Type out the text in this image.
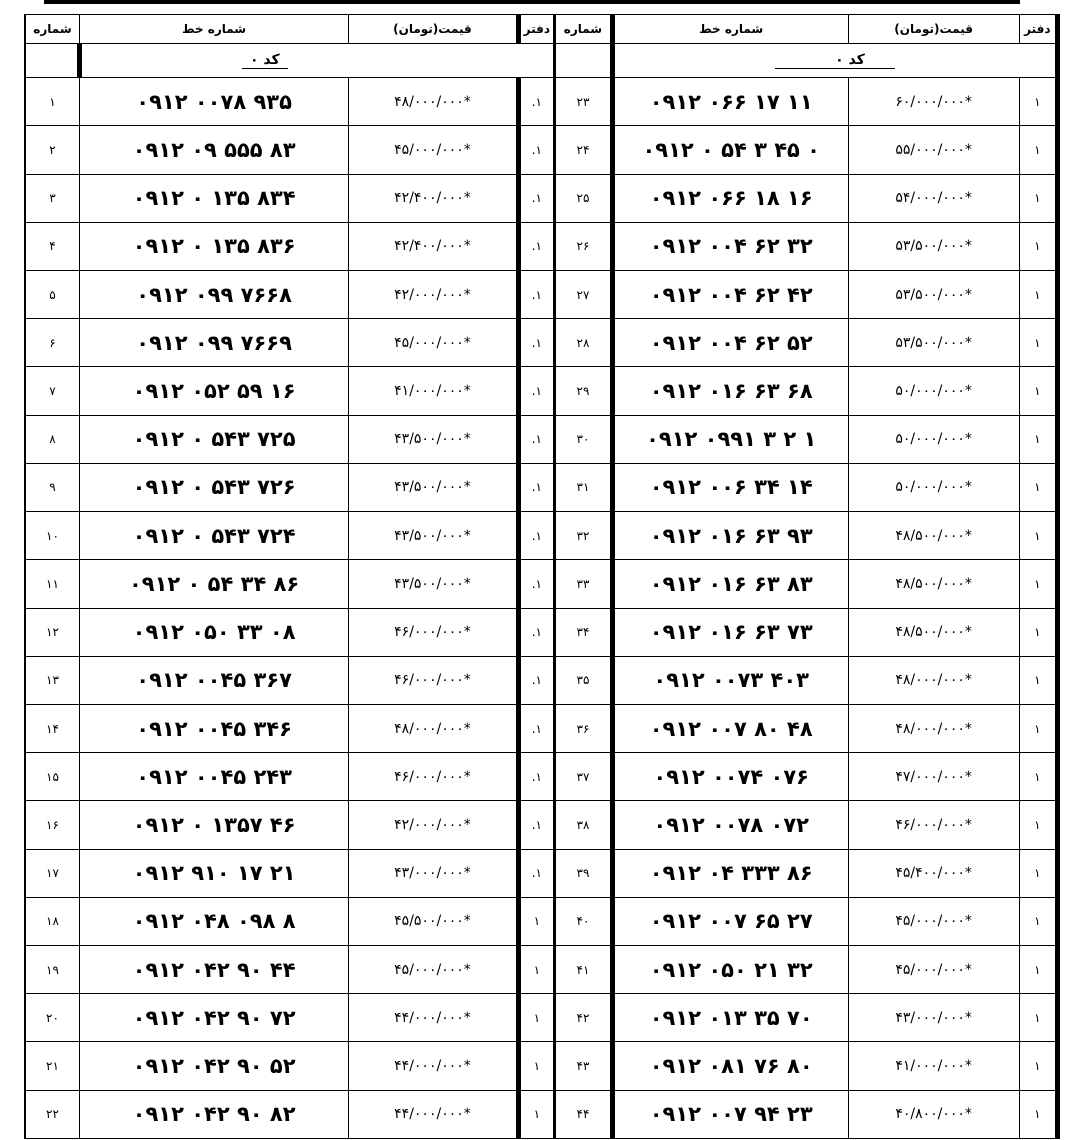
شماره	شماره خط	قیمت(تومان)	دفتر
	کد ۰		
۲۳	۰۹۱۲ ۰۶۶ ۱۷ ۱۱	۶۰/۰۰۰/۰۰۰*	۱
۲۴	۰۹۱۲ ۰ ۵۴ ۳ ۴۵ ۰	۵۵/۰۰۰/۰۰۰*	۱
۲۵	۰۹۱۲ ۰۶۶ ۱۸ ۱۶	۵۴/۰۰۰/۰۰۰*	۱
۲۶	۰۹۱۲ ۰۰۴ ۶۲ ۳۲	۵۳/۵۰۰/۰۰۰*	۱
۲۷	۰۹۱۲ ۰۰۴ ۶۲ ۴۲	۵۳/۵۰۰/۰۰۰*	۱
۲۸	۰۹۱۲ ۰۰۴ ۶۲ ۵۲	۵۳/۵۰۰/۰۰۰*	۱
۲۹	۰۹۱۲ ۰۱۶ ۶۳ ۶۸	۵۰/۰۰۰/۰۰۰*	۱
۳۰	۰۹۱۲ ۰۹۹۱ ۳ ۲ ۱	۵۰/۰۰۰/۰۰۰*	۱
۳۱	۰۹۱۲ ۰۰۶ ۳۴ ۱۴	۵۰/۰۰۰/۰۰۰*	۱
۳۲	۰۹۱۲ ۰۱۶ ۶۳ ۹۳	۴۸/۵۰۰/۰۰۰*	۱
۳۳	۰۹۱۲ ۰۱۶ ۶۳ ۸۳	۴۸/۵۰۰/۰۰۰*	۱
۳۴	۰۹۱۲ ۰۱۶ ۶۳ ۷۳	۴۸/۵۰۰/۰۰۰*	۱
۳۵	۰۹۱۲ ۰۰۷۳ ۴۰۳	۴۸/۰۰۰/۰۰۰*	۱
۳۶	۰۹۱۲ ۰۰۷ ۸۰ ۴۸	۴۸/۰۰۰/۰۰۰*	۱
۳۷	۰۹۱۲ ۰۰۷۴ ۰۷۶	۴۷/۰۰۰/۰۰۰*	۱
۳۸	۰۹۱۲ ۰۰۷۸ ۰۷۲	۴۶/۰۰۰/۰۰۰*	۱
۳۹	۰۹۱۲ ۰۴ ۳۳۳ ۸۶	۴۵/۴۰۰/۰۰۰*	۱
۴۰	۰۹۱۲ ۰۰۷ ۶۵ ۲۷	۴۵/۰۰۰/۰۰۰*	۱
۴۱	۰۹۱۲ ۰۵۰ ۲۱ ۳۲	۴۵/۰۰۰/۰۰۰*	۱
۴۲	۰۹۱۲ ۰۱۳ ۳۵ ۷۰	۴۳/۰۰۰/۰۰۰*	۱
۴۳	۰۹۱۲ ۰۸۱ ۷۶ ۸۰	۴۱/۰۰۰/۰۰۰*	۱
۴۴	۰۹۱۲ ۰۰۷ ۹۴ ۲۳	۴۰/۸۰۰/۰۰۰*	۱
شماره	شماره خط	قیمت(تومان)	دفتر
	کد ۰		
۱	۰۹۱۲ ۰۰۷۸ ۹۳۵	۴۸/۰۰۰/۰۰۰*	.۱
۲	۰۹۱۲ ۰۹ ۵۵۵ ۸۳	۴۵/۰۰۰/۰۰۰*	.۱
۳	۰۹۱۲ ۰ ۱۳۵ ۸۳۴	۴۲/۴۰۰/۰۰۰*	.۱
۴	۰۹۱۲ ۰ ۱۳۵ ۸۳۶	۴۲/۴۰۰/۰۰۰*	.۱
۵	۰۹۱۲ ۰۹۹ ۷۶۶۸	۴۲/۰۰۰/۰۰۰*	.۱
۶	۰۹۱۲ ۰۹۹ ۷۶۶۹	۴۵/۰۰۰/۰۰۰*	.۱
۷	۰۹۱۲ ۰۵۲ ۵۹ ۱۶	۴۱/۰۰۰/۰۰۰*	.۱
۸	۰۹۱۲ ۰ ۵۴۳ ۷۲۵	۴۳/۵۰۰/۰۰۰*	.۱
۹	۰۹۱۲ ۰ ۵۴۳ ۷۲۶	۴۳/۵۰۰/۰۰۰*	.۱
۱۰	۰۹۱۲ ۰ ۵۴۳ ۷۲۴	۴۳/۵۰۰/۰۰۰*	.۱
۱۱	۰۹۱۲ ۰ ۵۴ ۳۴ ۸۶	۴۳/۵۰۰/۰۰۰*	.۱
۱۲	۰۹۱۲ ۰۵۰ ۳۳ ۰۸	۴۶/۰۰۰/۰۰۰*	.۱
۱۳	۰۹۱۲ ۰۰۴۵ ۳۶۷	۴۶/۰۰۰/۰۰۰*	.۱
۱۴	۰۹۱۲ ۰۰۴۵ ۳۴۶	۴۸/۰۰۰/۰۰۰*	.۱
۱۵	۰۹۱۲ ۰۰۴۵ ۲۴۳	۴۶/۰۰۰/۰۰۰*	.۱
۱۶	۰۹۱۲ ۰ ۱۳۵۷ ۴۶	۴۲/۰۰۰/۰۰۰*	.۱
۱۷	۰۹۱۲ ۹۱۰ ۱۷ ۲۱	۴۳/۰۰۰/۰۰۰*	.۱
۱۸	۰۹۱۲ ۰۴۸ ۰۹۸ ۸	۴۵/۵۰۰/۰۰۰*	۱
۱۹	۰۹۱۲ ۰۴۲ ۹۰ ۴۴	۴۵/۰۰۰/۰۰۰*	۱
۲۰	۰۹۱۲ ۰۴۲ ۹۰ ۷۲	۴۴/۰۰۰/۰۰۰*	۱
۲۱	۰۹۱۲ ۰۴۲ ۹۰ ۵۲	۴۴/۰۰۰/۰۰۰*	۱
۲۲	۰۹۱۲ ۰۴۲ ۹۰ ۸۲	۴۴/۰۰۰/۰۰۰*	۱
